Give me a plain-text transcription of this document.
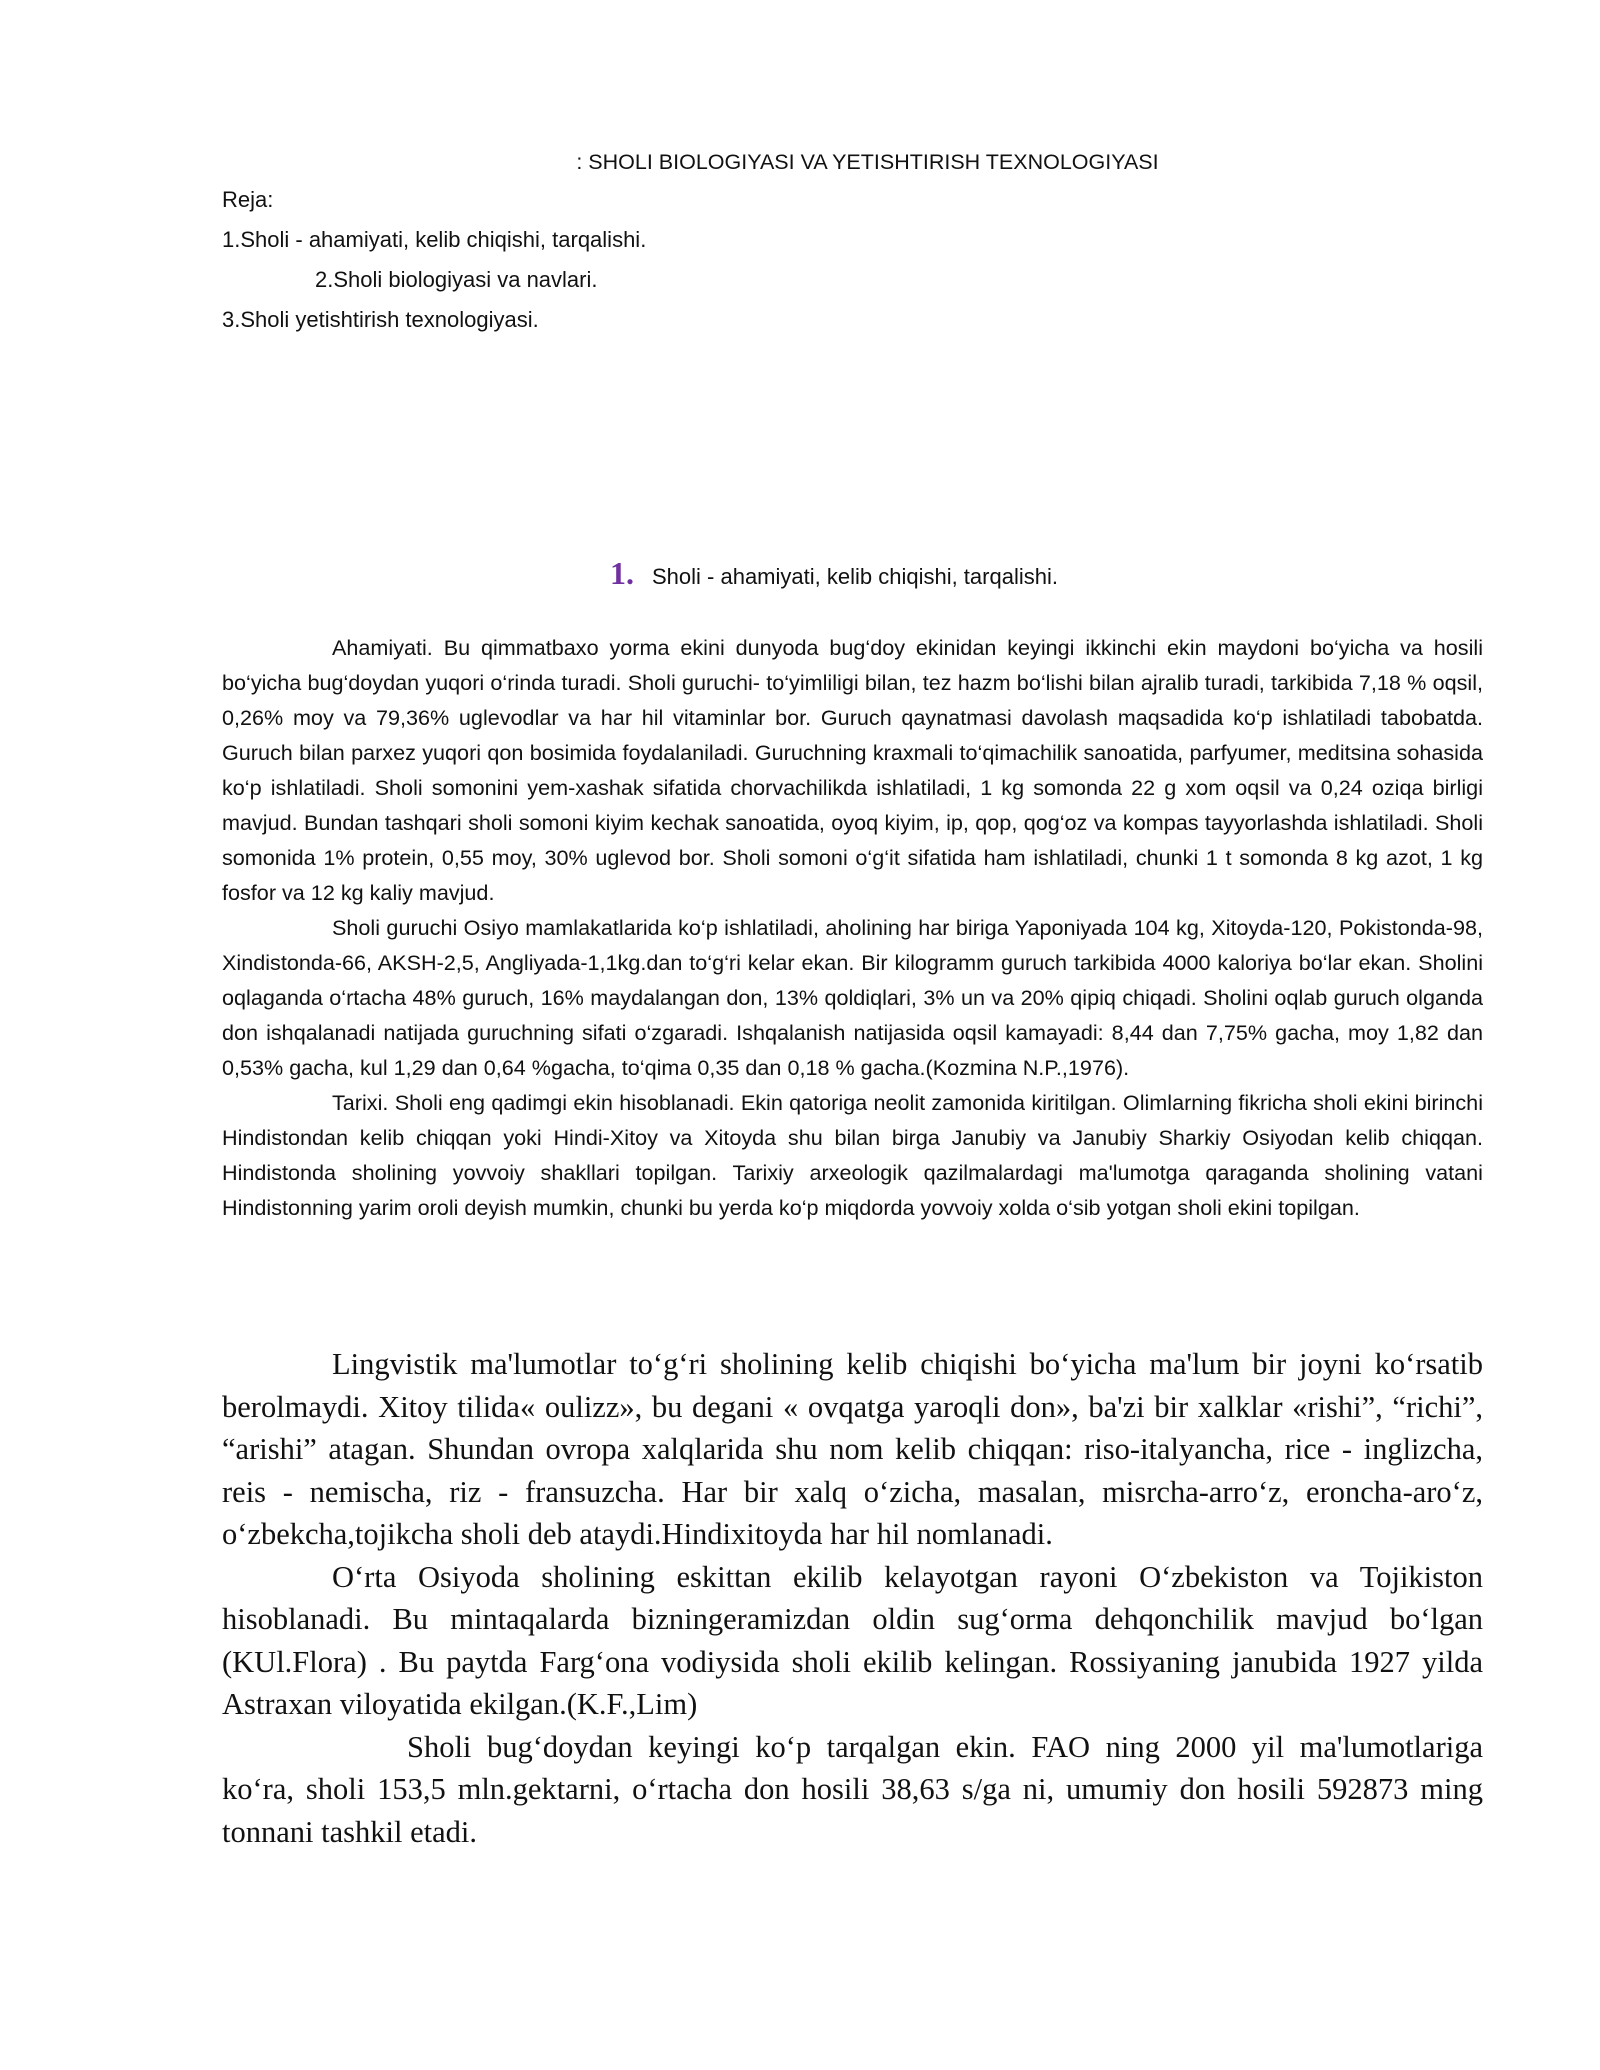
: SHOLI BIOLOGIYASI VA YETISHTIRISH TEXNOLOGIYASI
Reja:
1.Sholi - ahamiyati, kelib chiqishi, tarqalishi.
2.Sholi biologiyasi va navlari.
3.Sholi yetishtirish texnologiyasi.
1. Sholi - ahamiyati, kelib chiqishi, tarqalishi.

Ahamiyati. Bu qimmatbaxo yorma ekini dunyoda bug‘doy ekinidan keyingi ikkinchi ekin maydoni bo‘yicha va hosili bo‘yicha bug‘doydan yuqori o‘rinda turadi. Sholi guruchi- to‘yimliligi bilan, tez hazm bo‘lishi bilan ajralib turadi, tarkibida 7,18 % oqsil, 0,26% moy va 79,36% uglevodlar va har hil vitaminlar bor. Guruch qaynatmasi davolash maqsadida ko‘p ishlatiladi tabobatda. Guruch bilan parxez yuqori qon bosimida foydalaniladi. Guruchning kraxmali to‘qimachilik sanoatida, parfyumer, meditsina sohasida ko‘p ishlatiladi. Sholi somonini yem-xashak sifatida chorvachilikda ishlatiladi, 1 kg somonda 22 g xom oqsil va 0,24 oziqa birligi mavjud. Bundan tashqari sholi somoni kiyim kechak sanoatida, oyoq kiyim, ip, qop, qog‘oz va kompas tayyorlashda ishlatiladi. Sholi somonida 1% protein, 0,55 moy, 30% uglevod bor. Sholi somoni o‘g‘it sifatida ham ishlatiladi, chunki 1 t somonda 8 kg azot, 1 kg fosfor va 12 kg kaliy mavjud.

Sholi guruchi Osiyo mamlakatlarida ko‘p ishlatiladi, aholining har biriga Yaponiyada 104 kg, Xitoyda-120, Pokistonda-98, Xindistonda-66, AKSH-2,5, Angliyada-1,1kg.dan to‘g‘ri kelar ekan. Bir kilogramm guruch tarkibida 4000 kaloriya bo‘lar ekan. Sholini oqlaganda o‘rtacha 48% guruch, 16% maydalangan don, 13% qoldiqlari, 3% un va 20% qipiq chiqadi. Sholini oqlab guruch olganda don ishqalanadi natijada guruchning sifati o‘zgaradi. Ishqalanish natijasida oqsil kamayadi: 8,44 dan 7,75% gacha, moy 1,82 dan 0,53% gacha, kul 1,29 dan 0,64 %gacha, to‘qima 0,35 dan 0,18 % gacha.(Kozmina N.P.,1976).

Tarixi. Sholi eng qadimgi ekin hisoblanadi. Ekin qatoriga neolit zamonida kiritilgan. Olimlarning fikricha sholi ekini birinchi Hindistondan kelib chiqqan yoki Hindi-Xitoy va Xitoyda shu bilan birga Janubiy va Janubiy Sharkiy Osiyodan kelib chiqqan. Hindistonda sholining yovvoiy shakllari topilgan. Tarixiy arxeologik qazilmalardagi ma'lumotga qaraganda sholining vatani Hindistonning yarim oroli deyish mumkin, chunki bu yerda ko‘p miqdorda yovvoiy xolda o‘sib yotgan sholi ekini topilgan.

Lingvistik ma'lumotlar to‘g‘ri sholining kelib chiqishi bo‘yicha ma'lum bir joyni ko‘rsatib berolmaydi. Xitoy tilida« oulizz», bu degani « ovqatga yaroqli don», ba'zi bir xalklar «rishi”, “richi”, “arishi” atagan. Shundan ovropa xalqlarida shu nom kelib chiqqan: riso-italyancha, rice - inglizcha, reis - nemischa, riz - fransuzcha. Har bir xalq o‘zicha, masalan, misrcha-arro‘z, eroncha-aro‘z, o‘zbekcha,tojikcha sholi deb ataydi.Hindixitoyda har hil nomlanadi.

O‘rta Osiyoda sholining eskittan ekilib kelayotgan rayoni O‘zbekiston va Tojikiston hisoblanadi. Bu mintaqalarda bizningeramizdan oldin sug‘orma dehqonchilik mavjud bo‘lgan (KUl.Flora) . Bu paytda Farg‘ona vodiysida sholi ekilib kelingan. Rossiyaning janubida 1927 yilda Astraxan viloyatida ekilgan.(K.F.,Lim)

Sholi bug‘doydan keyingi ko‘p tarqalgan ekin. FAO ning 2000 yil ma'lumotlariga ko‘ra, sholi 153,5 mln.gektarni, o‘rtacha don hosili 38,63 s/ga ni, umumiy don hosili 592873 ming tonnani tashkil etadi.
